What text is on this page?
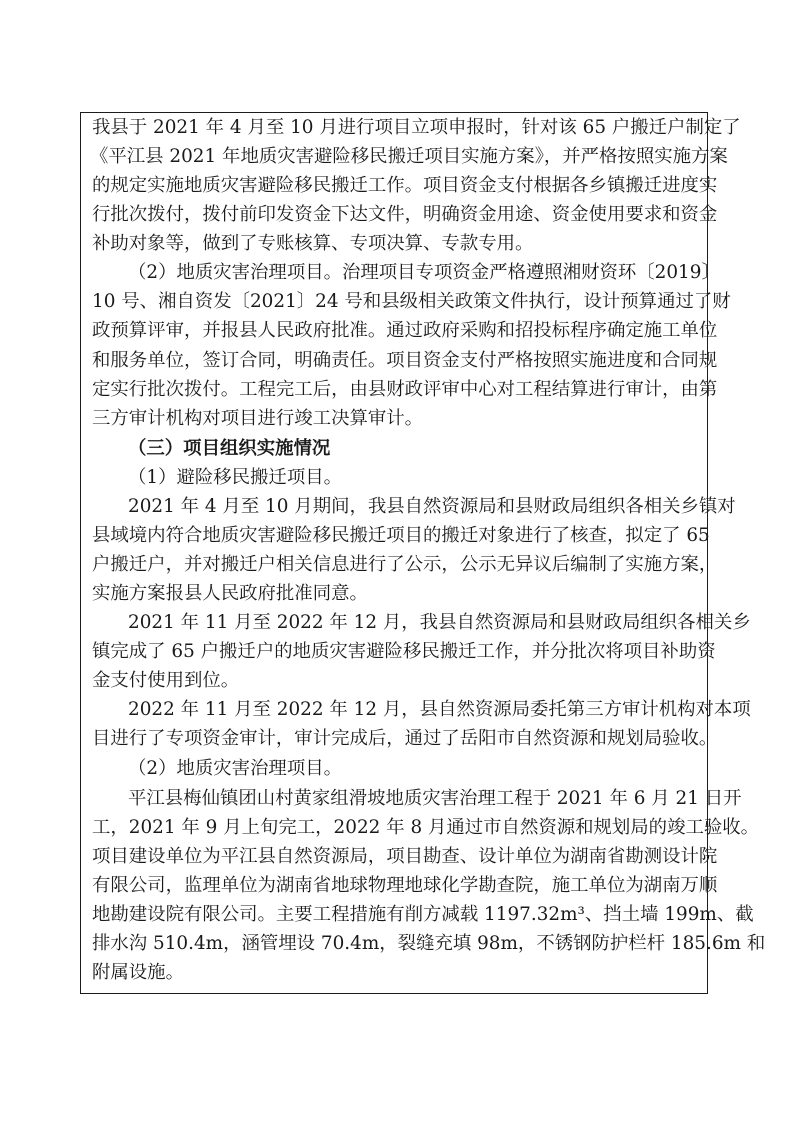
我县于 2021 年 4 月至 10 月进行项目立项申报时，针对该 65 户搬迁户制定了

《平江县 2021 年地质灾害避险移民搬迁项目实施方案》，并严格按照实施方案

的规定实施地质灾害避险移民搬迁工作。项目资金支付根据各乡镇搬迁进度实

行批次拨付，拨付前印发资金下达文件，明确资金用途、资金使用要求和资金

补助对象等，做到了专账核算、专项决算、专款专用。

（2）地质灾害治理项目。治理项目专项资金严格遵照湘财资环〔2019〕

10 号、湘自资发〔2021〕24 号和县级相关政策文件执行，设计预算通过了财

政预算评审，并报县人民政府批准。通过政府采购和招投标程序确定施工单位

和服务单位，签订合同，明确责任。项目资金支付严格按照实施进度和合同规

定实行批次拨付。工程完工后，由县财政评审中心对工程结算进行审计，由第

三方审计机构对项目进行竣工决算审计。

（三）项目组织实施情况

（1）避险移民搬迁项目。

2021 年 4 月至 10 月期间，我县自然资源局和县财政局组织各相关乡镇对

县域境内符合地质灾害避险移民搬迁项目的搬迁对象进行了核查，拟定了 65

户搬迁户，并对搬迁户相关信息进行了公示，公示无异议后编制了实施方案，

实施方案报县人民政府批准同意。

2021 年 11 月至 2022 年 12 月，我县自然资源局和县财政局组织各相关乡

镇完成了 65 户搬迁户的地质灾害避险移民搬迁工作，并分批次将项目补助资

金支付使用到位。

2022 年 11 月至 2022 年 12 月，县自然资源局委托第三方审计机构对本项

目进行了专项资金审计，审计完成后，通过了岳阳市自然资源和规划局验收。

（2）地质灾害治理项目。

平江县梅仙镇团山村黄家组滑坡地质灾害治理工程于 2021 年 6 月 21 日开

工，2021 年 9 月上旬完工，2022 年 8 月通过市自然资源和规划局的竣工验收。

项目建设单位为平江县自然资源局，项目勘查、设计单位为湖南省勘测设计院

有限公司，监理单位为湖南省地球物理地球化学勘查院，施工单位为湖南万顺

地勘建设院有限公司。主要工程措施有削方减载 1197.32m³、挡土墙 199m、截

排水沟 510.4m，涵管埋设 70.4m，裂缝充填 98m，不锈钢防护栏杆 185.6m 和

附属设施。
